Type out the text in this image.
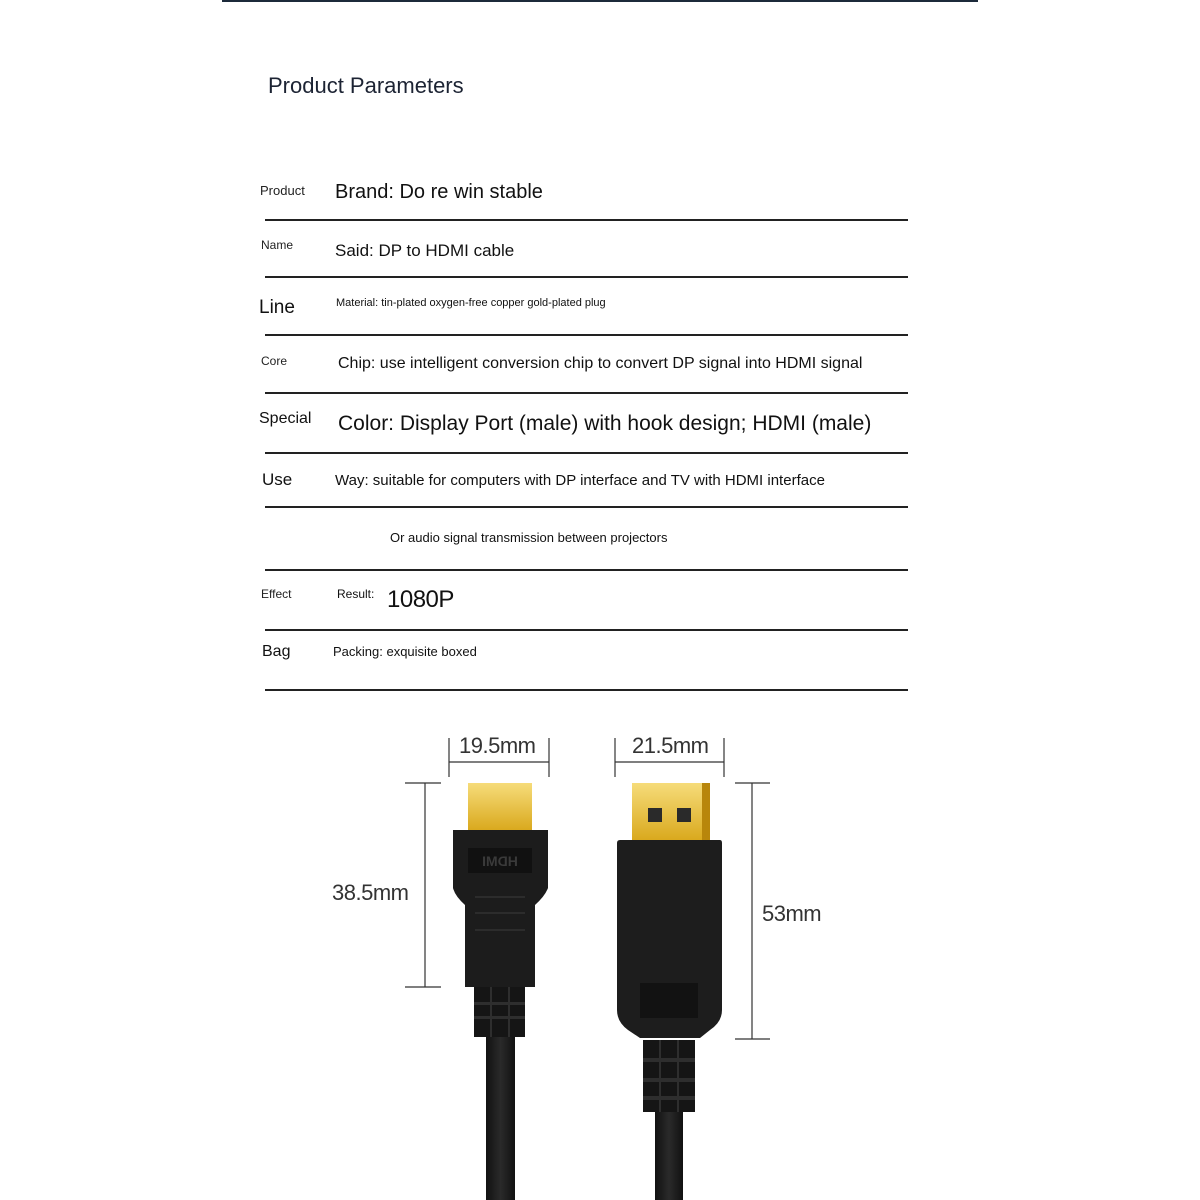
Product Parameters
Product Brand: Do re win stable
Name Said: DP to HDMI cable
Line	Material: tin-plated oxygen-free copper gold-plated plug
Core	Chip: use intelligent conversion chip to convert DP signal into HDMI signal
Special Color: Display Port (male) with hook design; HDMI (male)
Use	Way: suitable for computers with DP interface and TV with HDMI interface
Or audio signal transmission between projectors
Effect	Result: 1080P
Bag	Packing: exquisite boxed
HDMI
19.5mm	21.5mm
38.5mm
53mm
